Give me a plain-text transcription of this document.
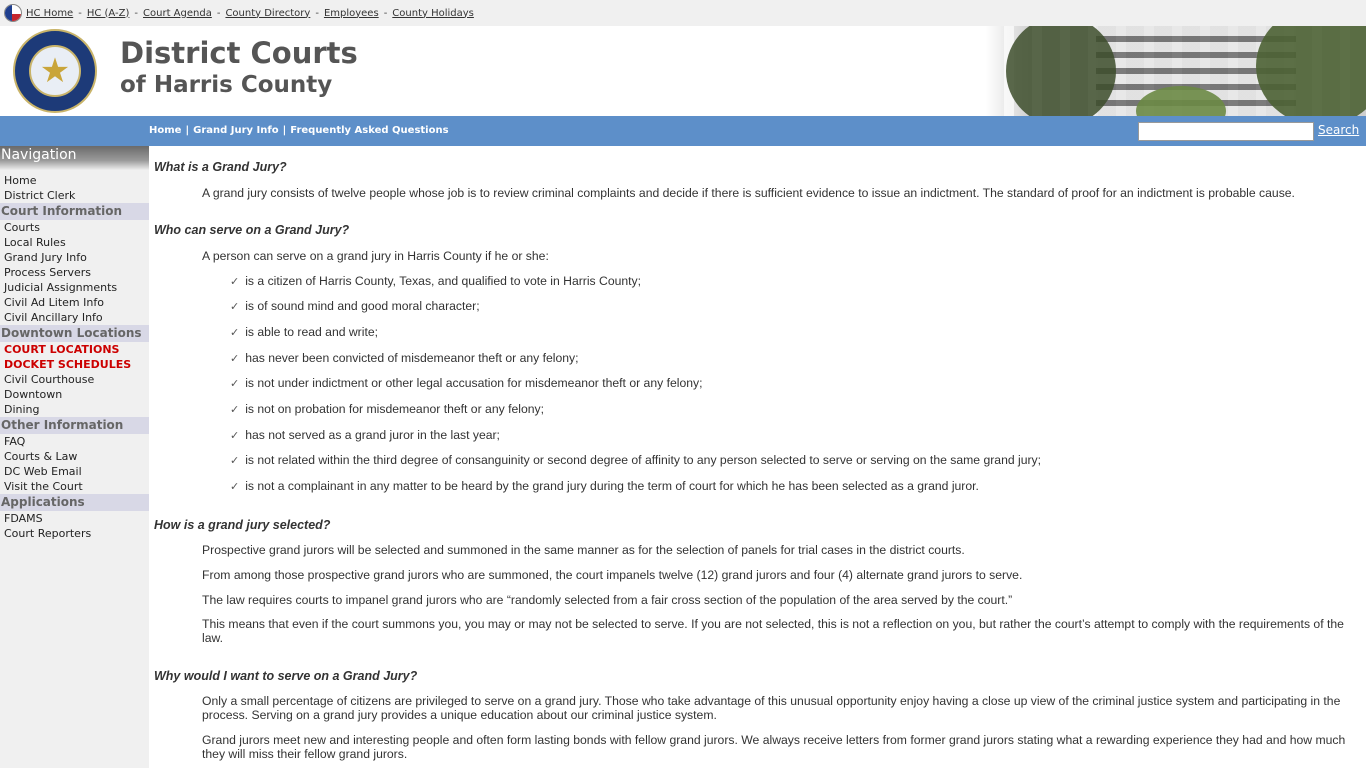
HC Home - HC (A-Z) - Court Agenda - County Directory - Employees - County Holidays
★	District Courts
of Harris County
Home | Grand Jury Info | Frequently Asked Questions	Search
Navigation
Home
District Clerk
Court Information
Courts
Local Rules
Grand Jury Info
Process Servers
Judicial Assignments
Civil Ad Litem Info
Civil Ancillary Info
Downtown Locations
COURT LOCATIONS
DOCKET SCHEDULES
Civil Courthouse
Downtown
Dining
Other Information
FAQ
Courts & Law
DC Web Email
Visit the Court
Applications
FDAMS
Court Reporters
What is a Grand Jury?
A grand jury consists of twelve people whose job is to review criminal complaints and decide if there is sufficient evidence to issue an indictment. The standard of proof for an indictment is probable cause.
Who can serve on a Grand Jury?
A person can serve on a grand jury in Harris County if he or she:
✓ is a citizen of Harris County, Texas, and qualified to vote in Harris County;
✓ is of sound mind and good moral character;
✓ is able to read and write;
✓ has never been convicted of misdemeanor theft or any felony;
✓ is not under indictment or other legal accusation for misdemeanor theft or any felony;
✓ is not on probation for misdemeanor theft or any felony;
✓ has not served as a grand juror in the last year;
✓ is not related within the third degree of consanguinity or second degree of affinity to any person selected to serve or serving on the same grand jury;
✓ is not a complainant in any matter to be heard by the grand jury during the term of court for which he has been selected as a grand juror.
How is a grand jury selected?
Prospective grand jurors will be selected and summoned in the same manner as for the selection of panels for trial cases in the district courts.
From among those prospective grand jurors who are summoned, the court impanels twelve (12) grand jurors and four (4) alternate grand jurors to serve.
The law requires courts to impanel grand jurors who are “randomly selected from a fair cross section of the population of the area served by the court.”
This means that even if the court summons you, you may or may not be selected to serve. If you are not selected, this is not a reflection on you, but rather the court’s attempt to comply with the requirements of the law.
Why would I want to serve on a Grand Jury?
Only a small percentage of citizens are privileged to serve on a grand jury. Those who take advantage of this unusual opportunity enjoy having a close up view of the criminal justice system and participating in the process. Serving on a grand jury provides a unique education about our criminal justice system.
Grand jurors meet new and interesting people and often form lasting bonds with fellow grand jurors. We always receive letters from former grand jurors stating what a rewarding experience they had and how much they will miss their fellow grand jurors.
